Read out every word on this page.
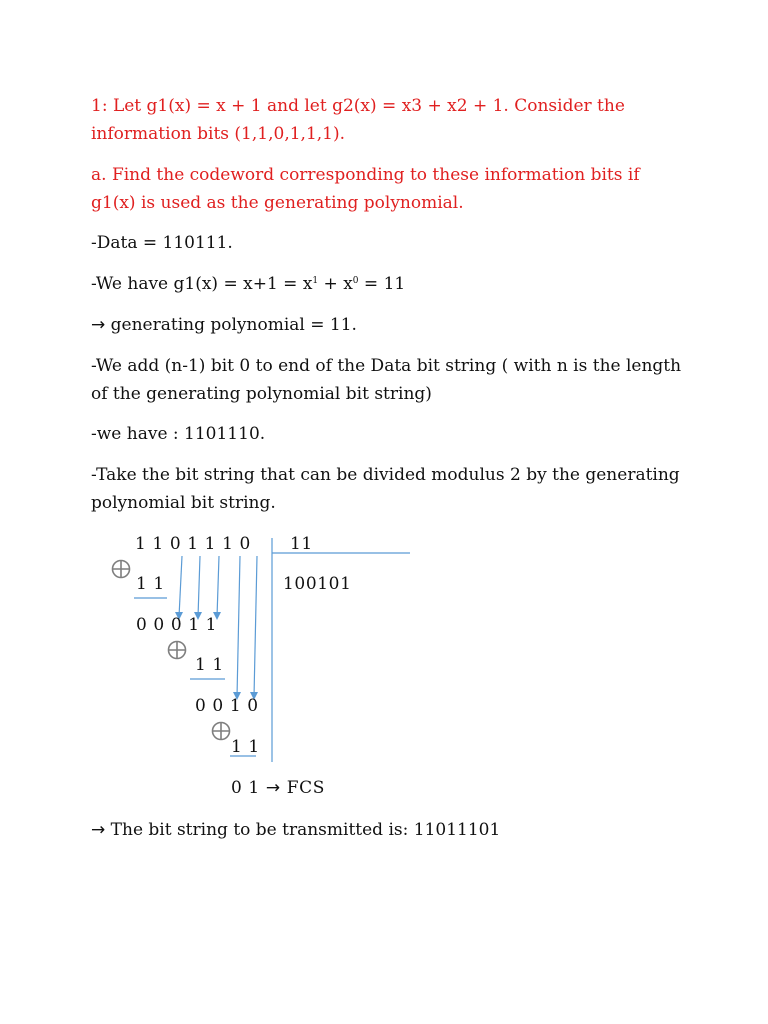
1: Let g1(x) = x + 1 and let g2(x) = x3 + x2 + 1. Consider the
information bits (1,1,0,1,1,1).

a. Find the codeword corresponding to these information bits if
g1(x) is used as the generating polynomial.

-Data = 110111.

-We have $g1(x) = x+1 = x^1 + x^0 = 11$

→ generating polynomial = 11.

-We add (n-1) bit 0 to end of the Data bit string ( with n is the length
of the generating polynomial bit string)

-we have : 1101110.

-Take the bit string that can be divided modulus 2 by the generating
polynomial bit string.

1 1 0 1 1 1 0 11
100101
1 1
0 0 0 1 1
1 1
0 0 1 0
1 1
0 1 → FCS

→ The bit string to be transmitted is: 11011101
